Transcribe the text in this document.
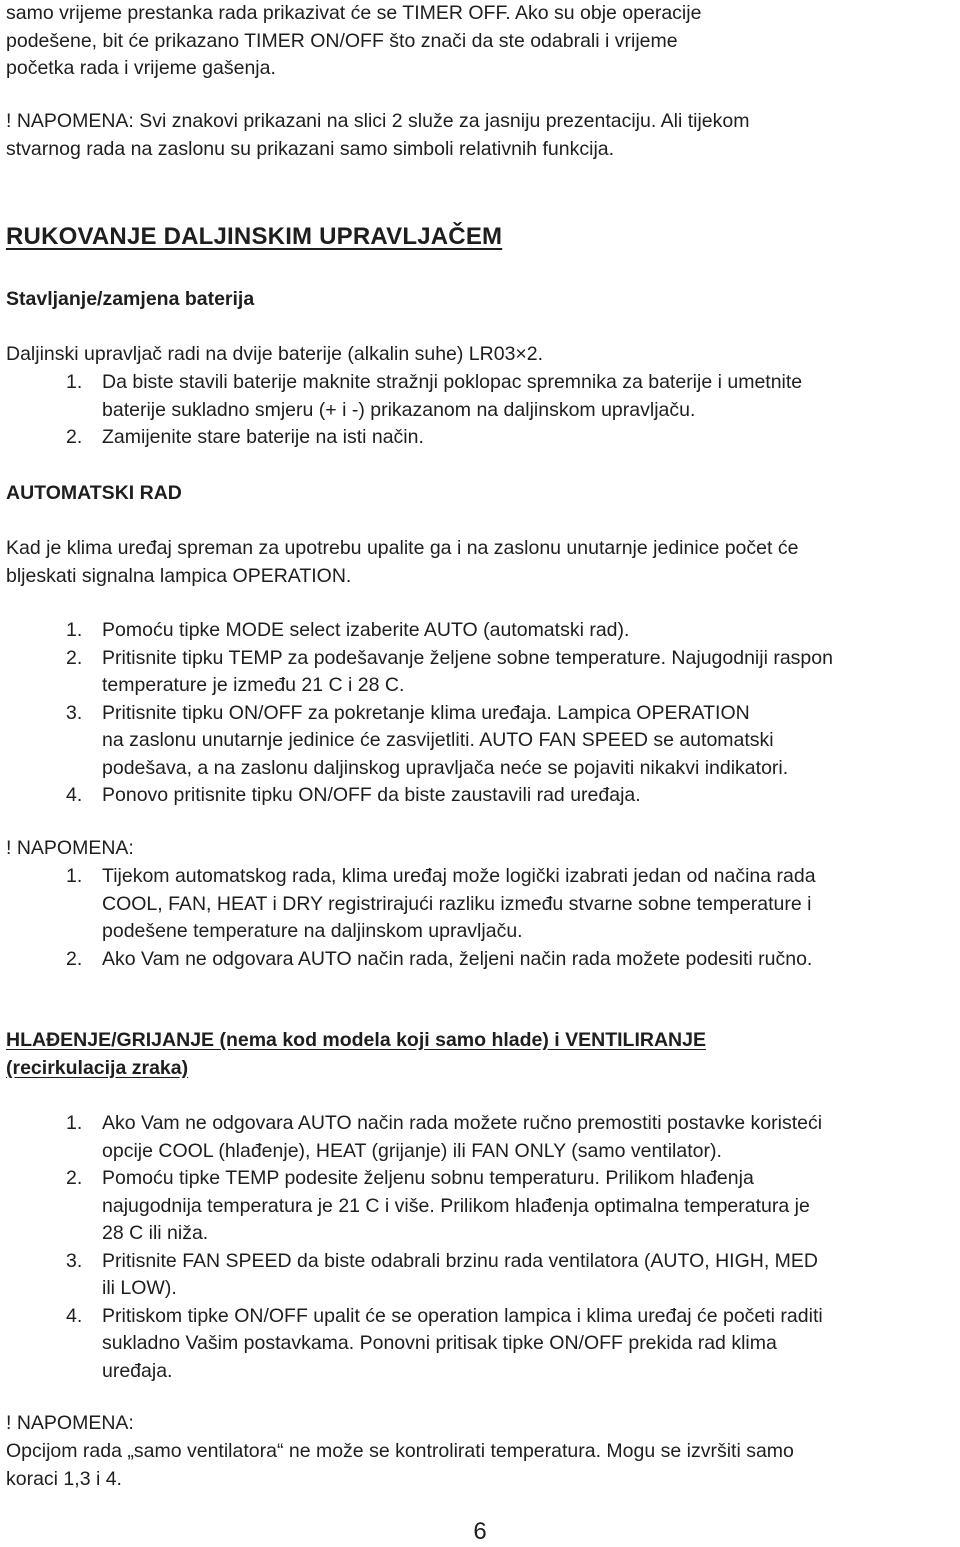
samo vrijeme prestanka rada prikazivat će se TIMER OFF. Ako su obje operacije
podešene, bit će prikazano TIMER ON/OFF što znači da ste odabrali i vrijeme
početka rada i vrijeme gašenja.
! NAPOMENA: Svi znakovi prikazani na slici 2 služe za jasniju prezentaciju. Ali tijekom
stvarnog rada na zaslonu su prikazani samo simboli relativnih funkcija.
RUKOVANJE DALJINSKIM UPRAVLJAČEM
Stavljanje/zamjena baterija
Daljinski upravljač radi na dvije baterije (alkalin suhe) LR03×2.
1. Da biste stavili baterije maknite stražnji poklopac spremnika za baterije i umetnite
baterije sukladno smjeru (+ i -) prikazanom na daljinskom upravljaču.
2. Zamijenite stare baterije na isti način.
AUTOMATSKI RAD
Kad je klima uređaj spreman za upotrebu upalite ga i na zaslonu unutarnje jedinice počet će
bljeskati signalna lampica OPERATION.
1. Pomoću tipke MODE select izaberite AUTO (automatski rad).
2. Pritisnite tipku TEMP za podešavanje željene sobne temperature. Najugodniji raspon
temperature je između 21 C i 28 C.
3. Pritisnite tipku ON/OFF za pokretanje klima uređaja. Lampica OPERATION
na zaslonu unutarnje jedinice će zasvijetliti. AUTO FAN SPEED se automatski
podešava, a na zaslonu daljinskog upravljača neće se pojaviti nikakvi indikatori.
4. Ponovo pritisnite tipku ON/OFF da biste zaustavili rad uređaja.
! NAPOMENA:
1. Tijekom automatskog rada, klima uređaj može logički izabrati jedan od načina rada
COOL, FAN, HEAT i DRY registrirajući razliku između stvarne sobne temperature i
podešene temperature na daljinskom upravljaču.
2. Ako Vam ne odgovara AUTO način rada, željeni način rada možete podesiti ručno.
HLAĐENJE/GRIJANJE (nema kod modela koji samo hlade) i VENTILIRANJE
(recirkulacija zraka)
1. Ako Vam ne odgovara AUTO način rada možete ručno premostiti postavke koristeći
opcije COOL (hlađenje), HEAT (grijanje) ili FAN ONLY (samo ventilator).
2. Pomoću tipke TEMP podesite željenu sobnu temperaturu. Prilikom hlađenja
najugodnija temperatura je 21 C i više. Prilikom hlađenja optimalna temperatura je
28 C ili niža.
3. Pritisnite FAN SPEED da biste odabrali brzinu rada ventilatora (AUTO, HIGH, MED
ili LOW).
4. Pritiskom tipke ON/OFF upalit će se operation lampica i klima uređaj će početi raditi
sukladno Vašim postavkama. Ponovni pritisak tipke ON/OFF prekida rad klima
uređaja.
! NAPOMENA:
Opcijom rada „samo ventilatora“ ne može se kontrolirati temperatura. Mogu se izvršiti samo
koraci 1,3 i 4.
6
